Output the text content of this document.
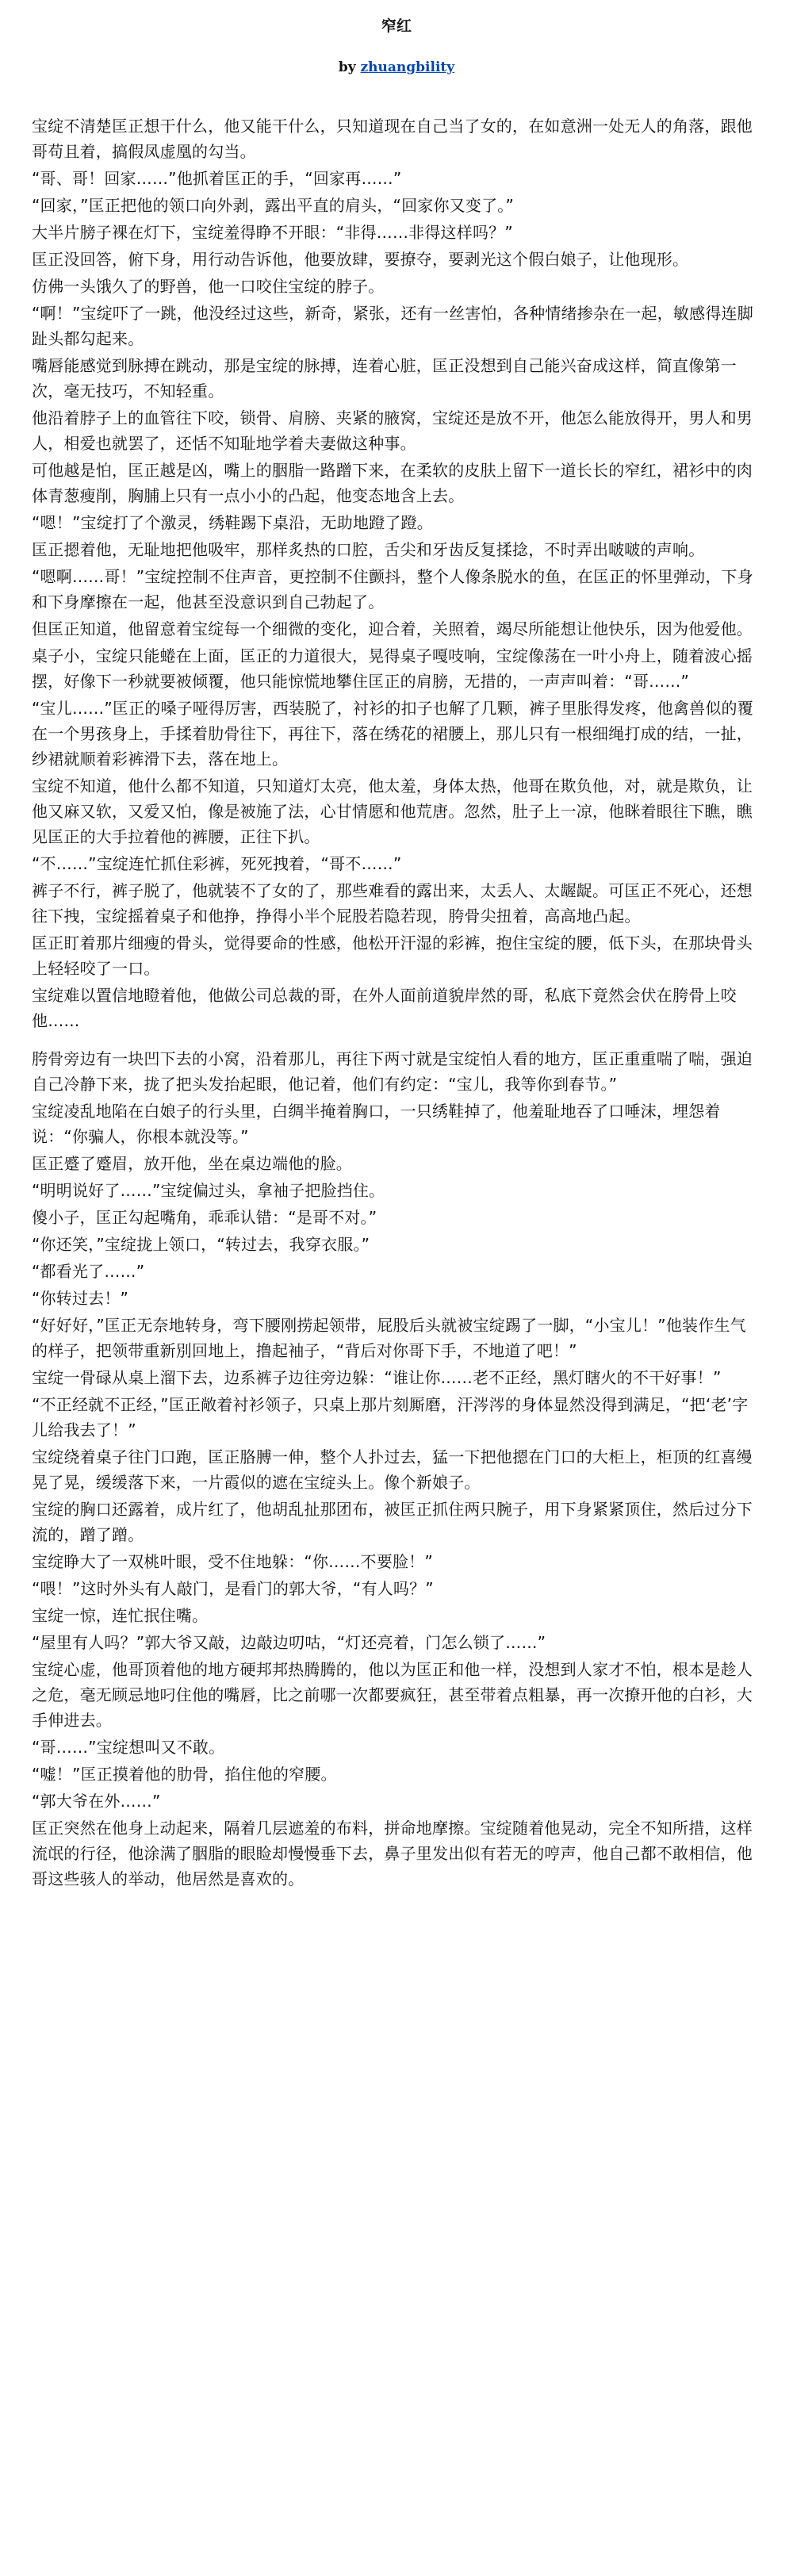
窄红
by zhuangbility

宝绽不清楚匡正想干什么，他又能干什么，只知道现在自己当了女的，在如意洲一处无人的角落，跟他哥苟且着，搞假凤虚凰的勾当。

“哥、哥！回家……”他抓着匡正的手，“回家再……”

“回家，”匡正把他的领口向外剥，露出平直的肩头，“回家你又变了。”

大半片膀子裸在灯下，宝绽羞得睁不开眼：“非得……非得这样吗？”

匡正没回答，俯下身，用行动告诉他，他要放肆，要撩夺，要剥光这个假白娘子，让他现形。

仿佛一头饿久了的野兽，他一口咬住宝绽的脖子。

“啊！”宝绽吓了一跳，他没经过这些，新奇，紧张，还有一丝害怕，各种情绪掺杂在一起，敏感得连脚趾头都勾起来。

嘴唇能感觉到脉搏在跳动，那是宝绽的脉搏，连着心脏，匡正没想到自己能兴奋成这样，简直像第一次，毫无技巧，不知轻重。

他沿着脖子上的血管往下咬，锁骨、肩膀、夹紧的腋窝，宝绽还是放不开，他怎么能放得开，男人和男人，相爱也就罢了，还恬不知耻地学着夫妻做这种事。

可他越是怕，匡正越是凶，嘴上的胭脂一路蹭下来，在柔软的皮肤上留下一道长长的窄红，裙衫中的肉体青葱瘦削，胸脯上只有一点小小的凸起，他变态地含上去。

“嗯！”宝绽打了个激灵，绣鞋踢下桌沿，无助地蹬了蹬。

匡正摁着他，无耻地把他吸牢，那样炙热的口腔，舌尖和牙齿反复揉捻，不时弄出啵啵的声响。

“嗯啊……哥！”宝绽控制不住声音，更控制不住颤抖，整个人像条脱水的鱼，在匡正的怀里弹动，下身和下身摩擦在一起，他甚至没意识到自己勃起了。

但匡正知道，他留意着宝绽每一个细微的变化，迎合着，关照着，竭尽所能想让他快乐，因为他爱他。

桌子小，宝绽只能蜷在上面，匡正的力道很大，晃得桌子嘎吱响，宝绽像荡在一叶小舟上，随着波心摇摆，好像下一秒就要被倾覆，他只能惊慌地攀住匡正的肩膀，无措的，一声声叫着：“哥……”

“宝儿……”匡正的嗓子哑得厉害，西装脱了，衬衫的扣子也解了几颗，裤子里胀得发疼，他禽兽似的覆在一个男孩身上，手揉着肋骨往下，再往下，落在绣花的裙腰上，那儿只有一根细绳打成的结，一扯，纱裙就顺着彩裤滑下去，落在地上。

宝绽不知道，他什么都不知道，只知道灯太亮，他太羞，身体太热，他哥在欺负他，对，就是欺负，让他又麻又软，又爱又怕，像是被施了法，心甘情愿和他荒唐。忽然，肚子上一凉，他眯着眼往下瞧，瞧见匡正的大手拉着他的裤腰，正往下扒。

“不……”宝绽连忙抓住彩裤，死死拽着，“哥不……”

裤子不行，裤子脱了，他就装不了女的了，那些难看的露出来，太丢人、太龌龊。可匡正不死心，还想往下拽，宝绽摇着桌子和他挣，挣得小半个屁股若隐若现，胯骨尖扭着，高高地凸起。

匡正盯着那片细瘦的骨头，觉得要命的性感，他松开汗湿的彩裤，抱住宝绽的腰，低下头，在那块骨头上轻轻咬了一口。

宝绽难以置信地瞪着他，他做公司总裁的哥，在外人面前道貌岸然的哥，私底下竟然会伏在胯骨上咬他……

胯骨旁边有一块凹下去的小窝，沿着那儿，再往下两寸就是宝绽怕人看的地方，匡正重重喘了喘，强迫自己冷静下来，拢了把头发抬起眼，他记着，他们有约定：“宝儿，我等你到春节。”

宝绽凌乱地陷在白娘子的行头里，白绸半掩着胸口，一只绣鞋掉了，他羞耻地吞了口唾沫，埋怨着说：“你骗人，你根本就没等。”

匡正蹙了蹙眉，放开他，坐在桌边端他的脸。

“明明说好了……”宝绽偏过头，拿袖子把脸挡住。

傻小子，匡正勾起嘴角，乖乖认错：“是哥不对。”

“你还笑，”宝绽拢上领口，“转过去，我穿衣服。”

“都看光了……”

“你转过去！”

“好好好，”匡正无奈地转身，弯下腰刚捞起领带，屁股后头就被宝绽踢了一脚，“小宝儿！”他装作生气的样子，把领带重新別回地上，撸起袖子，“背后对你哥下手，不地道了吧！”

宝绽一骨碌从桌上溜下去，边系裤子边往旁边躲：“谁让你……老不正经，黑灯瞎火的不干好事！”

“不正经就不正经，”匡正敞着衬衫领子，只桌上那片刻厮磨，汗涔涔的身体显然没得到满足，“把‘老’字儿给我去了！”

宝绽绕着桌子往门口跑，匡正胳膊一伸，整个人扑过去，猛一下把他摁在门口的大柜上，柜顶的红喜缦晃了晃，缓缓落下来，一片霞似的遮在宝绽头上。像个新娘子。

宝绽的胸口还露着，成片红了，他胡乱扯那团布，被匡正抓住两只腕子，用下身紧紧顶住，然后过分下流的，蹭了蹭。

宝绽睁大了一双桃叶眼，受不住地躲：“你……不要脸！”

“喂！”这时外头有人敲门，是看门的郭大爷，“有人吗？”

宝绽一惊，连忙抿住嘴。

“屋里有人吗？”郭大爷又敲，边敲边叨咕，“灯还亮着，门怎么锁了……”

宝绽心虚，他哥顶着他的地方硬邦邦热腾腾的，他以为匡正和他一样，没想到人家才不怕，根本是趁人之危，毫无顾忌地叼住他的嘴唇，比之前哪一次都要疯狂，甚至带着点粗暴，再一次撩开他的白衫，大手伸进去。

“哥……”宝绽想叫又不敢。

“嘘！”匡正摸着他的肋骨，掐住他的窄腰。

“郭大爷在外……”

匡正突然在他身上动起来，隔着几层遮羞的布料，拼命地摩擦。宝绽随着他晃动，完全不知所措，这样流氓的行径，他涂满了胭脂的眼睑却慢慢垂下去，鼻子里发出似有若无的哼声，他自己都不敢相信，他哥这些骇人的举动，他居然是喜欢的。
